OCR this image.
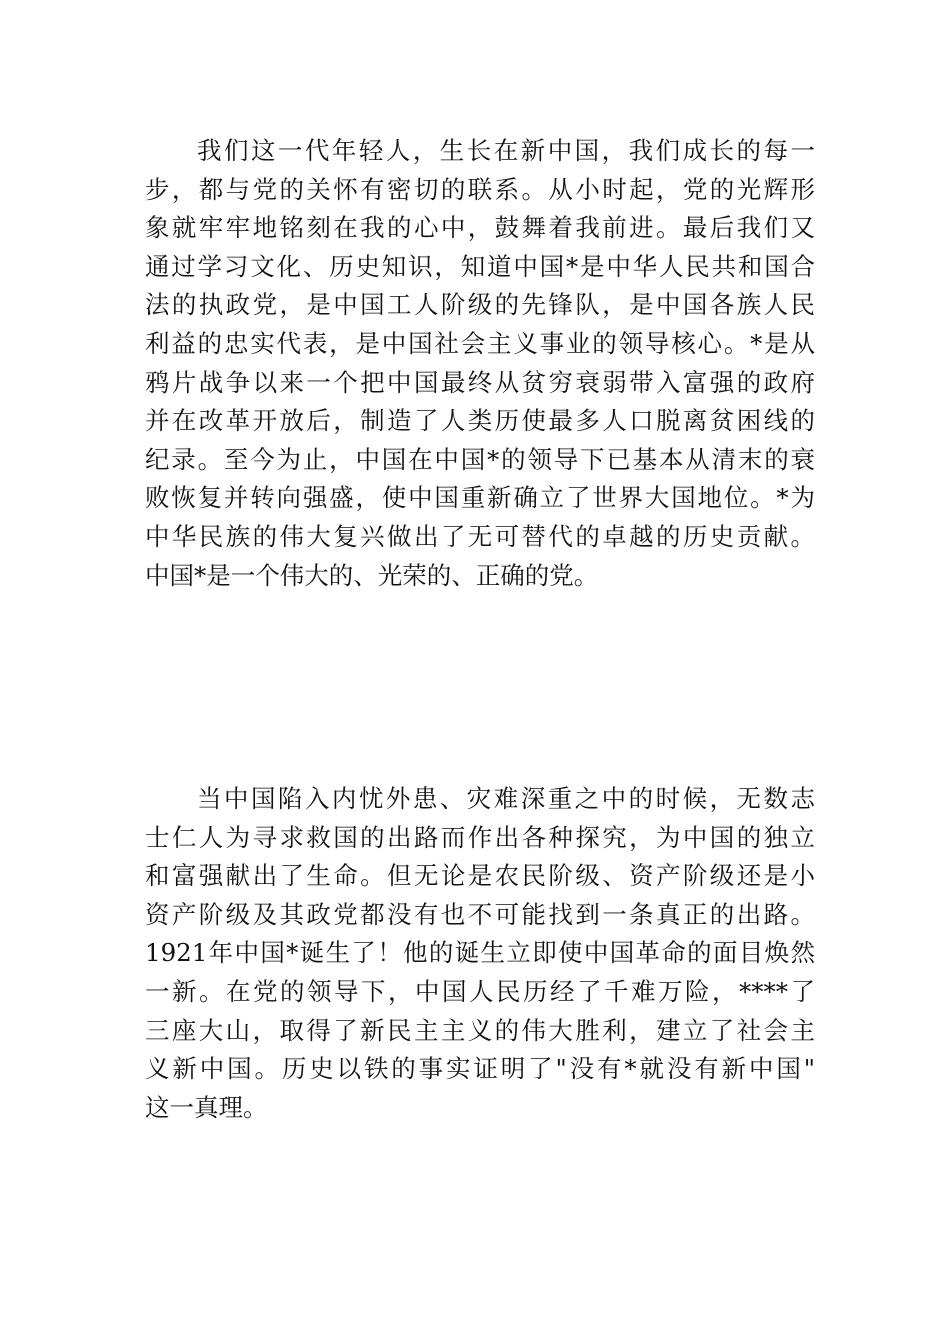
我们这一代年轻人，生长在新中国，我们成长的每一
步，都与党的关怀有密切的联系。从小时起，党的光辉形
象就牢牢地铭刻在我的心中，鼓舞着我前进。最后我们又
通过学习文化、历史知识，知道中国*是中华人民共和国合
法的执政党，是中国工人阶级的先锋队，是中国各族人民
利益的忠实代表，是中国社会主义事业的领导核心。*是从
鸦片战争以来一个把中国最终从贫穷衰弱带入富强的政府
并在改革开放后，制造了人类历使最多人口脱离贫困线的
纪录。至今为止，中国在中国*的领导下已基本从清末的衰
败恢复并转向强盛，使中国重新确立了世界大国地位。*为
中华民族的伟大复兴做出了无可替代的卓越的历史贡献。
中国*是一个伟大的、光荣的、正确的党。
当中国陷入内忧外患、灾难深重之中的时候，无数志
士仁人为寻求救国的出路而作出各种探究，为中国的独立
和富强献出了生命。但无论是农民阶级、资产阶级还是小
资产阶级及其政党都没有也不可能找到一条真正的出路。
1921年中国*诞生了！他的诞生立即使中国革命的面目焕然
一新。在党的领导下，中国人民历经了千难万险，****了
三座大山，取得了新民主主义的伟大胜利，建立了社会主
义新中国。历史以铁的事实证明了"没有*就没有新中国"
这一真理。
